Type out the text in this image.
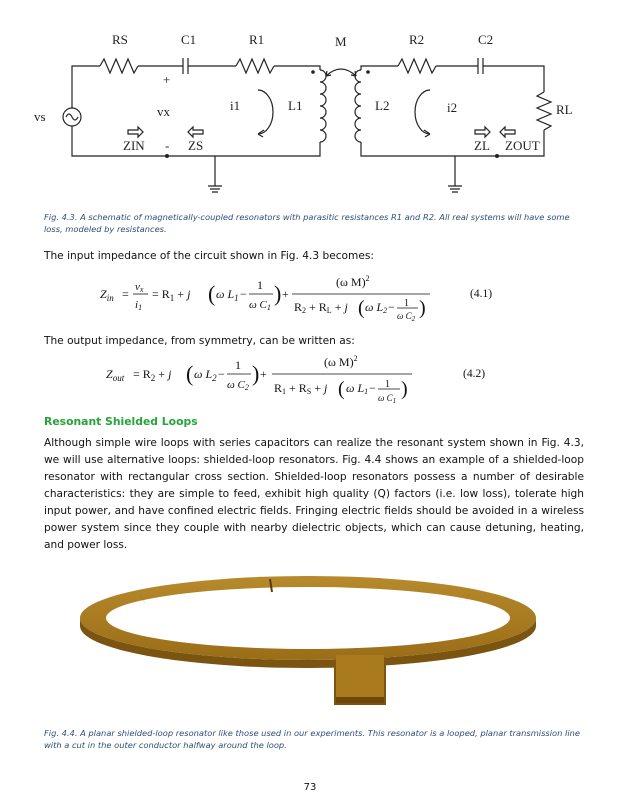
RS	C1	R1	M	R2	C2
+
vs	vx	i1	L1	L2	i2	RL
ZIN - ZS	ZL ZOUT
Fig. 4.3. A schematic of magnetically-coupled resonators with parasitic resistances R1 and R2. All real systems will have some loss, modeled by resistances.
The input impedance of the circuit shown in Fig. 4.3 becomes:
$Z_{in}$ = vx
i1
= $R_1 + j$ ( ω $L_1$ −
1
ω C1
) +
(ω M)$^2$
R2 + RL + j ( ω L2 − 1
ω $C_2$ )
(4.1)
The output impedance, from symmetry, can be written as:
$Z_{out} = R_2 + j$ ( ω $L_2$ −
1
ω C2
) +
(ω M)$^2$
R1 + RS + j ( ω L1 − 1
ω $C_1$
)
(4.2)
Resonant Shielded Loops
Although simple wire loops with series capacitors can realize the resonant system shown in Fig. 4.3, we will use alternative loops: shielded-loop resonators. Fig. 4.4 shows an example of a shielded-loop resonator with rectangular cross section. Shielded-loop resonators possess a number of desirable characteristics: they are simple to feed, exhibit high quality (Q) factors (i.e. low loss), tolerate high input power, and have confined electric fields. Fringing electric fields should be avoided in a wireless power system since they couple with nearby dielectric objects, which can cause detuning, heating, and power loss.
Fig. 4.4. A planar shielded-loop resonator like those used in our experiments. This resonator is a looped, planar transmission line with a cut in the outer conductor halfway around the loop.
73
